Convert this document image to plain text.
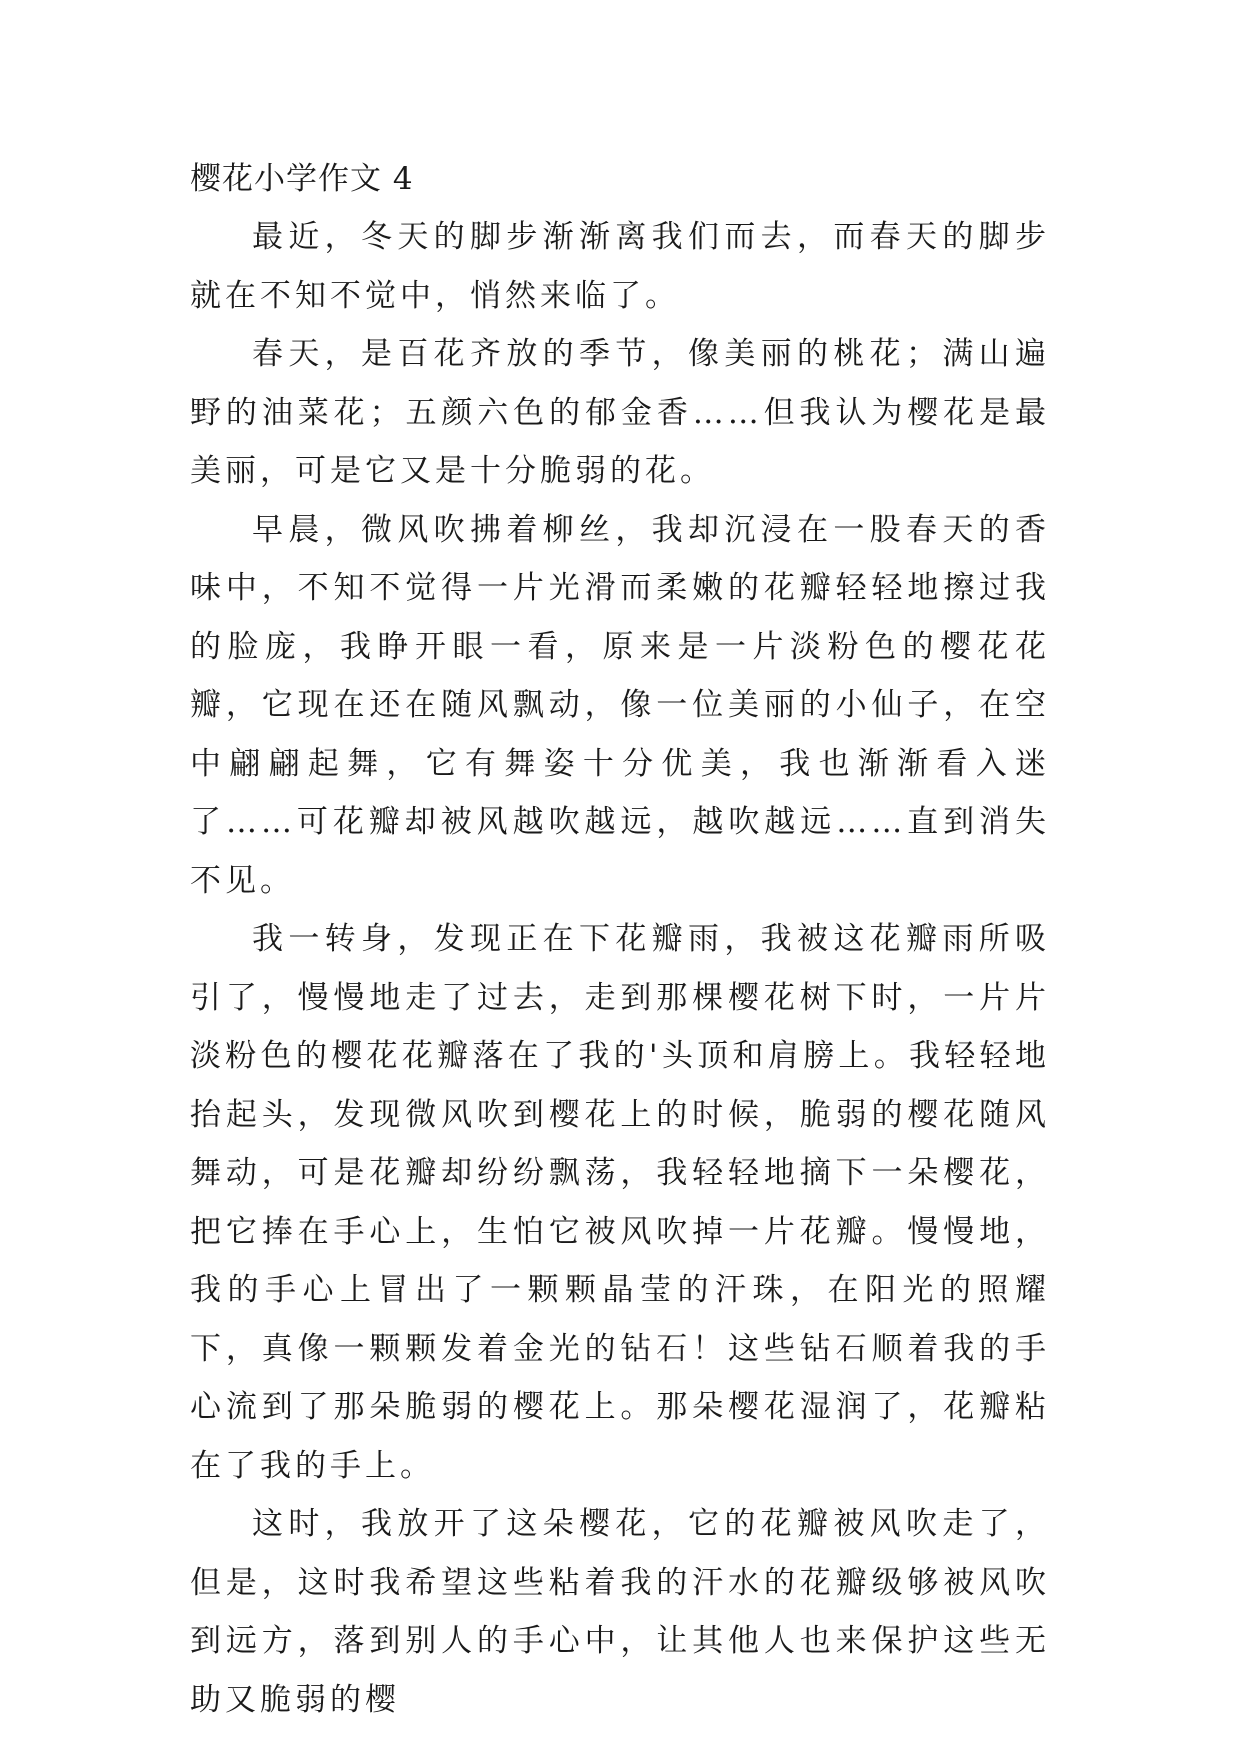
樱花小学作文 4

最近，冬天的脚步渐渐离我们而去，而春天的脚步就在不知不觉中，悄然来临了。

春天，是百花齐放的季节，像美丽的桃花；满山遍野的油菜花；五颜六色的郁金香……但我认为樱花是最美丽，可是它又是十分脆弱的花。

早晨，微风吹拂着柳丝，我却沉浸在一股春天的香味中，不知不觉得一片光滑而柔嫩的花瓣轻轻地擦过我的脸庞，我睁开眼一看，原来是一片淡粉色的樱花花瓣，它现在还在随风飘动，像一位美丽的小仙子，在空中翩翩起舞，它有舞姿十分优美，我也渐渐看入迷了……可花瓣却被风越吹越远，越吹越远……直到消失不见。

我一转身，发现正在下花瓣雨，我被这花瓣雨所吸引了，慢慢地走了过去，走到那棵樱花树下时，一片片淡粉色的樱花花瓣落在了我的'头顶和肩膀上。我轻轻地抬起头，发现微风吹到樱花上的时候，脆弱的樱花随风舞动，可是花瓣却纷纷飘荡，我轻轻地摘下一朵樱花，把它捧在手心上，生怕它被风吹掉一片花瓣。慢慢地，我的手心上冒出了一颗颗晶莹的汗珠，在阳光的照耀下，真像一颗颗发着金光的钻石！这些钻石顺着我的手心流到了那朵脆弱的樱花上。那朵樱花湿润了，花瓣粘在了我的手上。

这时，我放开了这朵樱花，它的花瓣被风吹走了，但是，这时我希望这些粘着我的汗水的花瓣级够被风吹到远方，落到别人的手心中，让其他人也来保护这些无助又脆弱的樱
